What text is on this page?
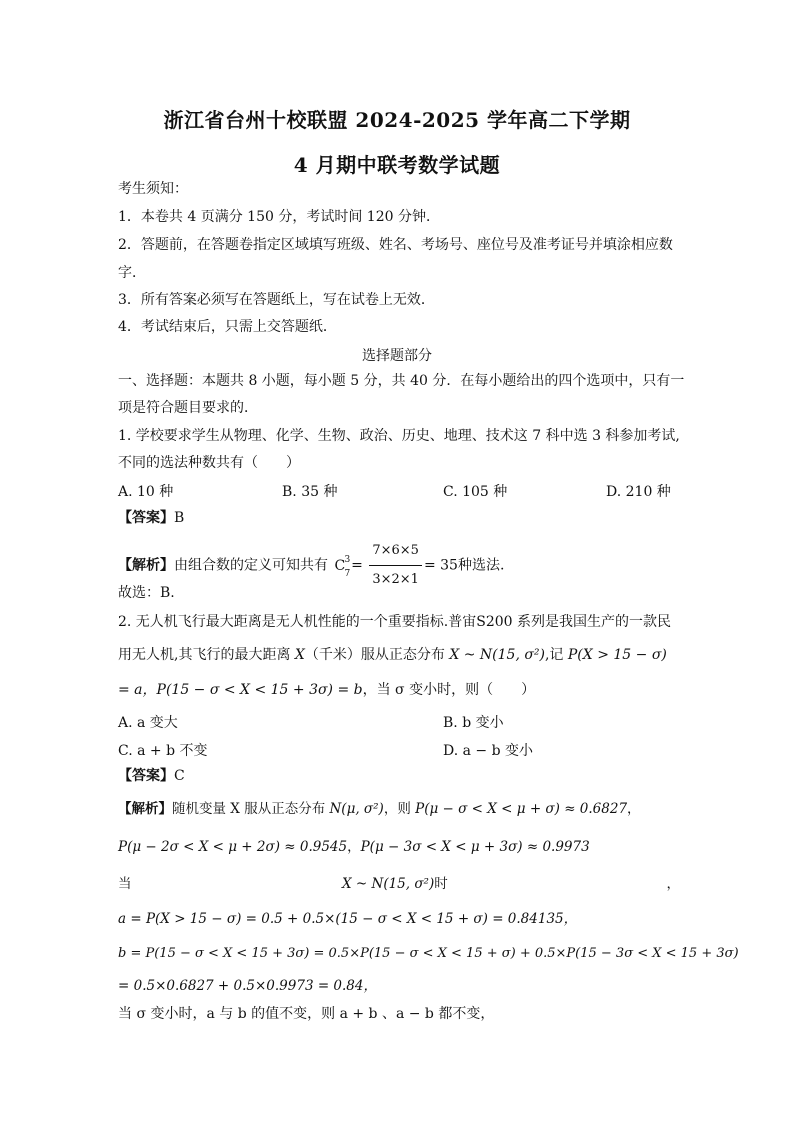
浙江省台州十校联盟 2024-2025 学年高二下学期
4 月期中联考数学试题
考生须知：
1．本卷共 4 页满分 150 分，考试时间 120 分钟．
2．答题前，在答题卷指定区域填写班级、姓名、考场号、座位号及准考证号并填涂相应数
字．
3．所有答案必须写在答题纸上，写在试卷上无效．
4．考试结束后，只需上交答题纸．
选择题部分
一、选择题：本题共 8 小题，每小题 5 分，共 40 分．在每小题给出的四个选项中，只有一
项是符合题目要求的．
1. 学校要求学生从物理、化学、生物、政治、历史、地理、技术这 7 科中选 3 科参加考试,
不同的选法种数共有（　　）
A. 10 种	B. 35 种	C. 105 种	D. 210 种
【答案】B
【解析】由组合数的定义可知共有 C 3
$7 = \frac{7\times 6\times 5}{3\times 2\times 1} = 35$种选法.
故选：B.
2. 无人机飞行最大距离是无人机性能的一个重要指标.普宙S200 系列是我国生产的一款民
用无人机,其飞行的最大距离 X（千米）服从正态分布 X ~ N(15, σ²),记 P(X > 15 − σ)
= a，P(15 − σ < X < 15 + 3σ) = b，当 σ 变小时，则（　　）
A. a 变大	B. b 变小
C. a + b 不变	D. a − b 变小
【答案】C
【解析】随机变量 X 服从正态分布 N(μ, σ²)，则 P(μ − σ < X < μ + σ) ≈ 0.6827，
P(μ − 2σ < X < μ + 2σ) ≈ 0.9545，P(μ − 3σ < X < μ + 3σ) ≈ 0.9973
当	X ~ N(15, σ²)时	，
a = P(X > 15 − σ) = 0.5 + 0.5×(15 − σ < X < 15 + σ) = 0.84135，
b = P(15 − σ < X < 15 + 3σ) = 0.5×P(15 − σ < X < 15 + σ) + 0.5×P(15 − 3σ < X < 15 + 3σ)
= 0.5×0.6827 + 0.5×0.9973 = 0.84，
当 σ 变小时，a 与 b 的值不变，则 a + b 、a − b 都不变，
